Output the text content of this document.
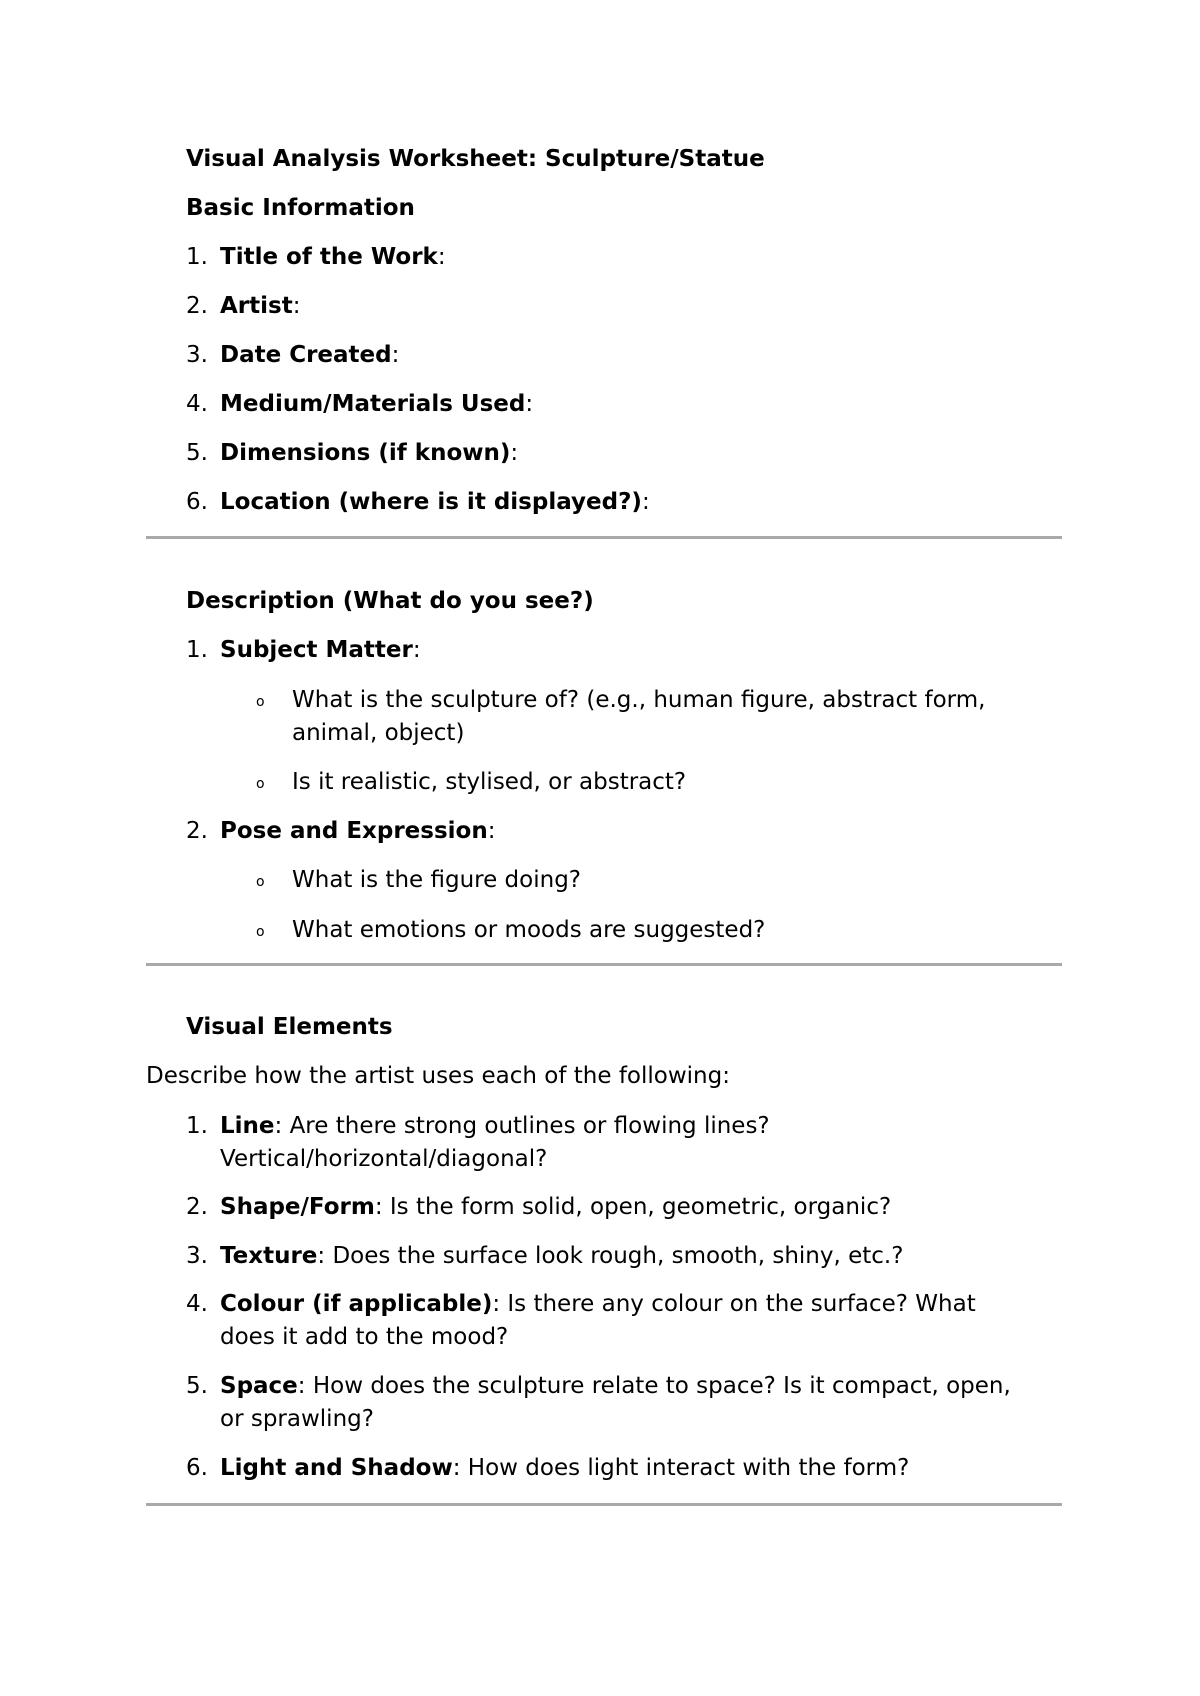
Visual Analysis Worksheet: Sculpture/Statue
Basic Information
1. Title of the Work:
2. Artist:
3. Date Created:
4. Medium/Materials Used:
5. Dimensions (if known):
6. Location (where is it displayed?):
Description (What do you see?)
1. Subject Matter:
o What is the sculpture of? (e.g., human figure, abstract form,
animal, object)
o Is it realistic, stylised, or abstract?
2. Pose and Expression:
o What is the figure doing?
o What emotions or moods are suggested?
Visual Elements
Describe how the artist uses each of the following:
1. Line: Are there strong outlines or flowing lines?
Vertical/horizontal/diagonal?
2. Shape/Form: Is the form solid, open, geometric, organic?
3. Texture: Does the surface look rough, smooth, shiny, etc.?
4. Colour (if applicable): Is there any colour on the surface? What
does it add to the mood?
5. Space: How does the sculpture relate to space? Is it compact, open,
or sprawling?
6. Light and Shadow: How does light interact with the form?
